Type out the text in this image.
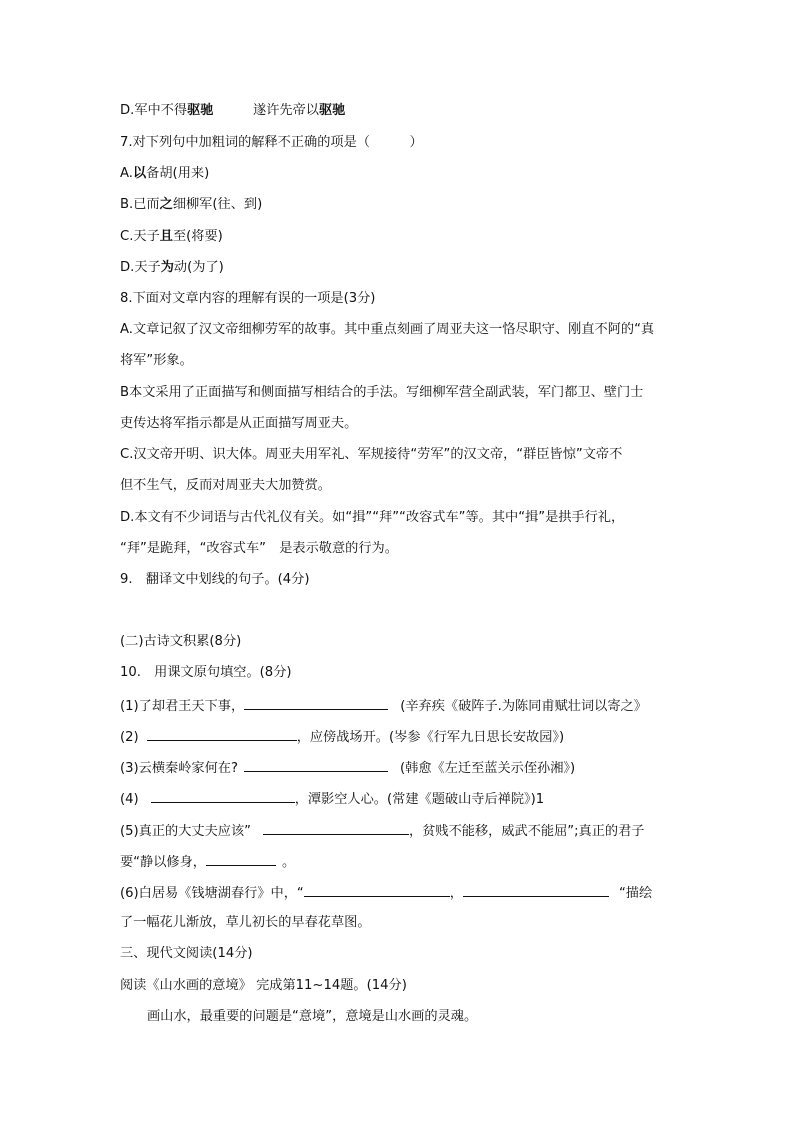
D.军中不得驱驰　　　遂许先帝以驱驰
7.对下列句中加粗词的解释不正确的项是（　　　）
A.以备胡(用来)
B.已而之细柳军(往、到)
C.天子且至(将要)
D.天子为动(为了)
8.下面对文章内容的理解有误的一项是(3分)
A.文章记叙了汉文帝细柳劳军的故事。其中重点刻画了周亚夫这一恪尽职守、刚直不阿的“真
将军”形象。
B本文采用了正面描写和侧面描写相结合的手法。写细柳军营全副武装，军门都卫、壁门士
吏传达将军指示都是从正面描写周亚夫。
C.汉文帝开明、识大体。周亚夫用军礼、军规接待“劳军”的汉文帝，“群臣皆惊”文帝不
但不生气，反而对周亚夫大加赞赏。
D.本文有不少词语与古代礼仪有关。如“揖”“拜”“改容式车”等。其中“揖”是拱手行礼，
“拜”是跪拜，“改容式车”　是表示敬意的行为。
9.　翻译文中划线的句子。(4分)
(二)古诗文积累(8分)
10.　用课文原句填空。(8分)
(1)了却君王天下事，	(辛弃疾《破阵子.为陈同甫赋壮词以寄之》
(2)	，应傍战场开。(岑参《行军九日思长安故园》)
(3)云横秦岭家何在?	(韩愈《左迁至蓝关示侄孙湘》)
(4)	，潭影空人心。(常建《题破山寺后禅院》)1
(5)真正的大丈夫应该”	，贫贱不能移，威武不能屈”;真正的君子
要“静以修身，	。
(6)白居易《钱塘湖春行》中，“	，	“描绘
了一幅花儿渐放，草儿初长的早春花草图。
三、现代文阅读(14分)
阅读《山水画的意境》 完成第11~14题。(14分)
画山水，最重要的问题是“意境”，意境是山水画的灵魂。
